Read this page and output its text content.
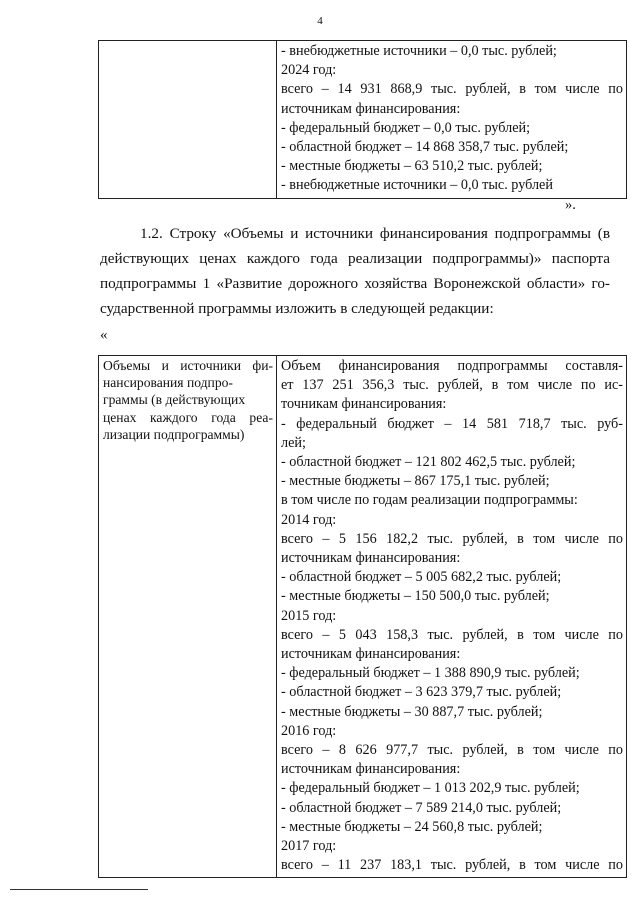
4

- внебюджетные источники – 0,0 тыс. рублей;
2024 год:
всего – 14 931 868,9 тыс. рублей, в том числе по
источникам финансирования:
- федеральный бюджет – 0,0 тыс. рублей;
- областной бюджет – 14 868 358,7 тыс. рублей;
- местные бюджеты – 63 510,2 тыс. рублей;
- внебюджетные источники – 0,0 тыс. рублей
».
1.2. Строку «Объемы и источники финансирования подпрограммы (в
действующих ценах каждого года реализации подпрограммы)» паспорта
подпрограммы 1 «Развитие дорожного хозяйства Воронежской области» го-
сударственной программы изложить в следующей редакции:
«
Объемы и источники фи-
нансирования подпро-
граммы (в действующих
ценах каждого года реа-
лизации подпрограммы)

Объем финансирования подпрограммы составля-
ет 137 251 356,3 тыс. рублей, в том числе по ис-
точникам финансирования:
- федеральный бюджет – 14 581 718,7 тыс. руб-
лей;
- областной бюджет – 121 802 462,5 тыс. рублей;
- местные бюджеты – 867 175,1 тыс. рублей;
в том числе по годам реализации подпрограммы:
2014 год:
всего – 5 156 182,2 тыс. рублей, в том числе по
источникам финансирования:
- областной бюджет – 5 005 682,2 тыс. рублей;
- местные бюджеты – 150 500,0 тыс. рублей;
2015 год:
всего – 5 043 158,3 тыс. рублей, в том числе по
источникам финансирования:
- федеральный бюджет – 1 388 890,9 тыс. рублей;
- областной бюджет – 3 623 379,7 тыс. рублей;
- местные бюджеты – 30 887,7 тыс. рублей;
2016 год:
всего – 8 626 977,7 тыс. рублей, в том числе по
источникам финансирования:
- федеральный бюджет – 1 013 202,9 тыс. рублей;
- областной бюджет – 7 589 214,0 тыс. рублей;
- местные бюджеты – 24 560,8 тыс. рублей;
2017 год:
всего – 11 237 183,1 тыс. рублей, в том числе по
